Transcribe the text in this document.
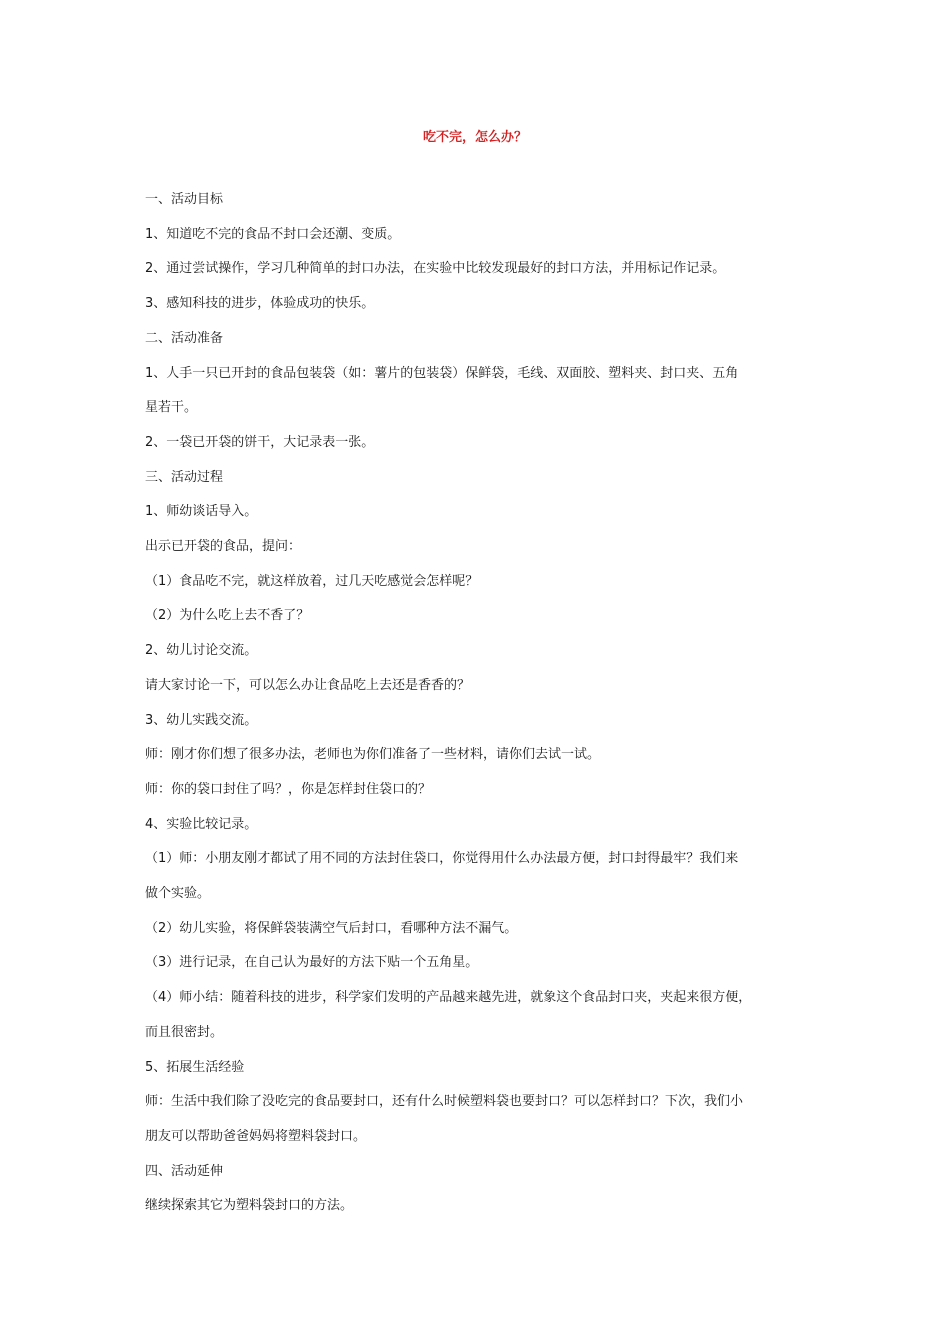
吃不完，怎么办？

一、活动目标

1、知道吃不完的食品不封口会还潮、变质。

2、通过尝试操作，学习几种简单的封口办法，在实验中比较发现最好的封口方法，并用标记作记录。

3、感知科技的进步，体验成功的快乐。

二、活动准备

1、人手一只已开封的食品包装袋（如：薯片的包装袋）保鲜袋，毛线、双面胶、塑料夹、封口夹、五角

星若干。

2、一袋已开袋的饼干，大记录表一张。

三、活动过程

1、师幼谈话导入。

出示已开袋的食品，提问：

（1）食品吃不完，就这样放着，过几天吃感觉会怎样呢？

（2）为什么吃上去不香了？

2、幼儿讨论交流。

请大家讨论一下，可以怎么办让食品吃上去还是香香的？

3、幼儿实践交流。

师：刚才你们想了很多办法，老师也为你们准备了一些材料，请你们去试一试。

师：你的袋口封住了吗？，你是怎样封住袋口的？

4、实验比较记录。

（1）师：小朋友刚才都试了用不同的方法封住袋口，你觉得用什么办法最方便，封口封得最牢？我们来

做个实验。

（2）幼儿实验，将保鲜袋装满空气后封口，看哪种方法不漏气。

（3）进行记录，在自己认为最好的方法下贴一个五角星。

（4）师小结：随着科技的进步，科学家们发明的产品越来越先进，就象这个食品封口夹，夹起来很方便，

而且很密封。

5、拓展生活经验

师：生活中我们除了没吃完的食品要封口，还有什么时候塑料袋也要封口？可以怎样封口？下次，我们小

朋友可以帮助爸爸妈妈将塑料袋封口。

四、活动延伸

继续探索其它为塑料袋封口的方法。
